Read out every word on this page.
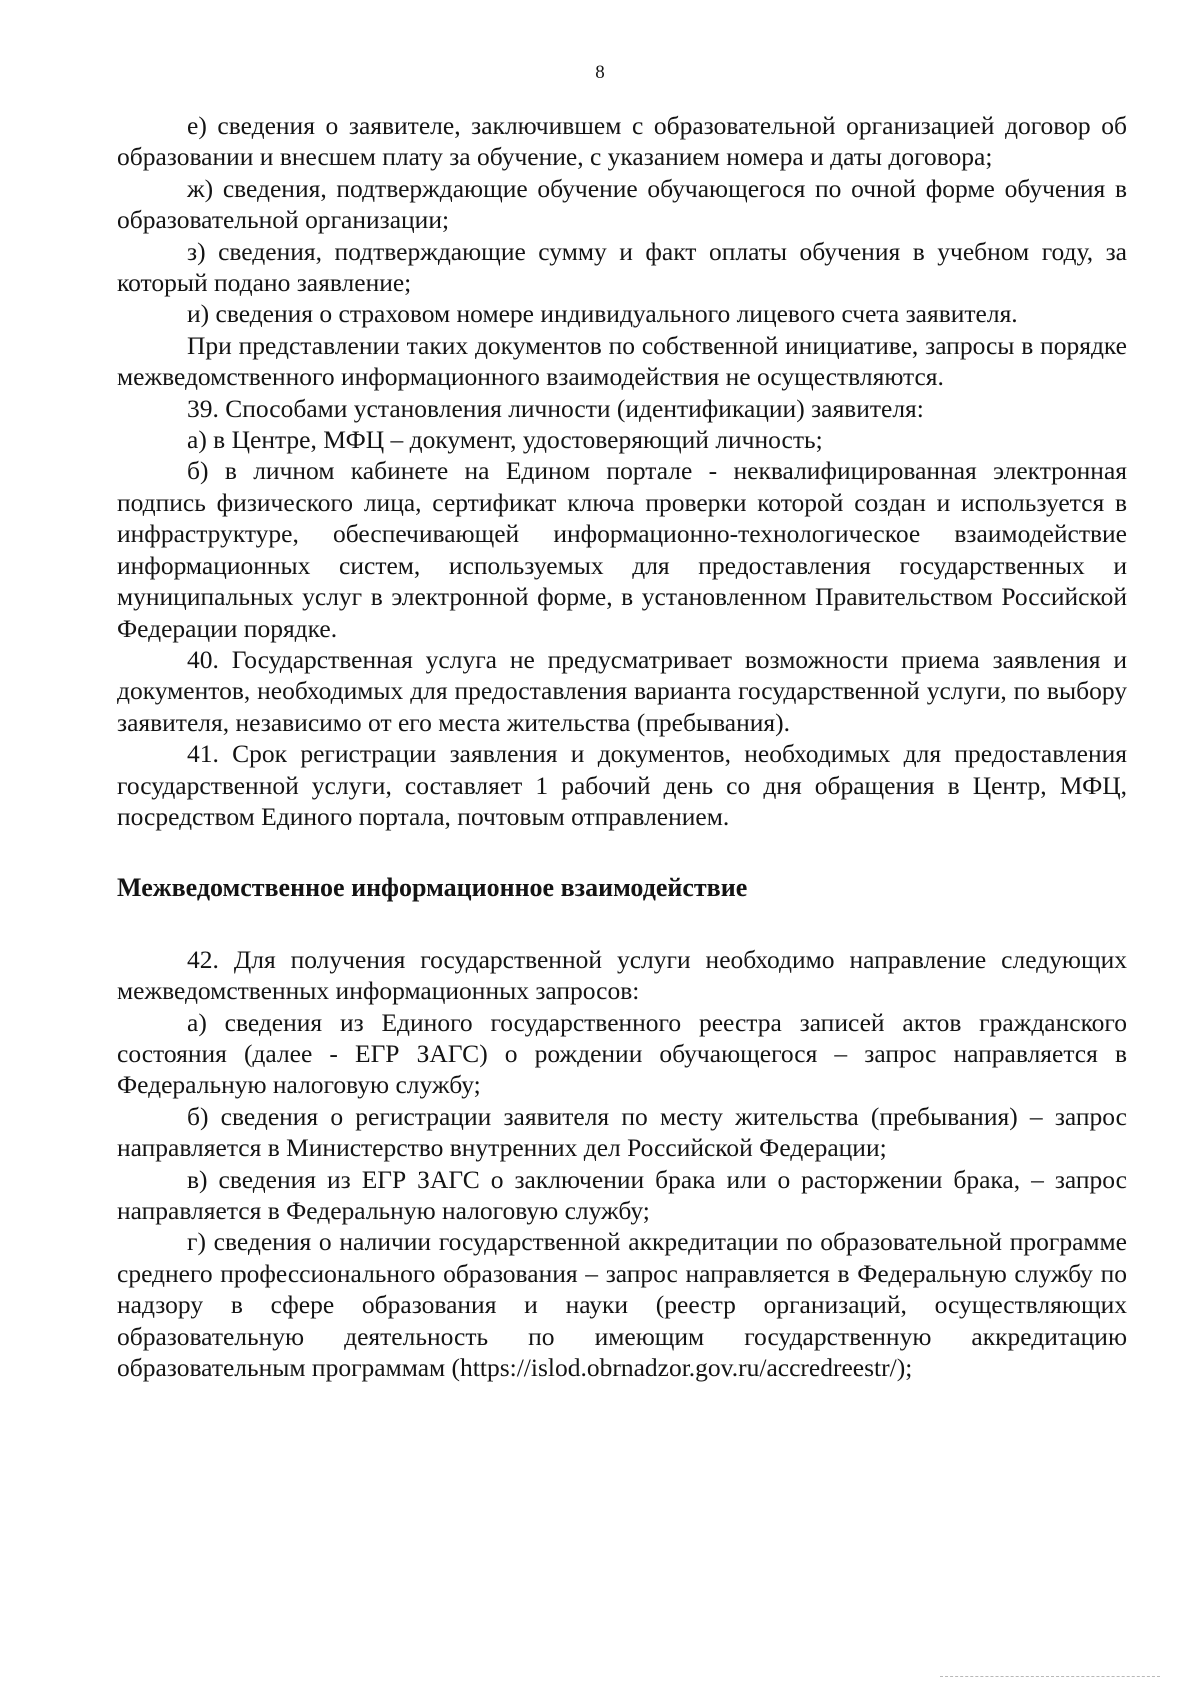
8

е) сведения о заявителе, заключившем с образовательной организацией договор об образовании и внесшем плату за обучение, с указанием номера и даты договора;

ж) сведения, подтверждающие обучение обучающегося по очной форме обучения в образовательной организации;

з) сведения, подтверждающие сумму и факт оплаты обучения в учебном году, за который подано заявление;

и) сведения о страховом номере индивидуального лицевого счета заявителя.

При представлении таких документов по собственной инициативе, запросы в порядке межведомственного информационного взаимодействия не осуществляются.

39. Способами установления личности (идентификации) заявителя:

а) в Центре, МФЦ – документ, удостоверяющий личность;

б) в личном кабинете на Едином портале - неквалифицированная электронная подпись физического лица, сертификат ключа проверки которой создан и используется в инфраструктуре, обеспечивающей информационно-технологическое взаимодействие информационных систем, используемых для предоставления государственных и муниципальных услуг в электронной форме, в установленном Правительством Российской Федерации порядке.

40. Государственная услуга не предусматривает возможности приема заявления и документов, необходимых для предоставления варианта государственной услуги, по выбору заявителя, независимо от его места жительства (пребывания).

41. Срок регистрации заявления и документов, необходимых для предоставления государственной услуги, составляет 1 рабочий день со дня обращения в Центр, МФЦ, посредством Единого портала, почтовым отправлением.

Межведомственное информационное взаимодействие

42. Для получения государственной услуги необходимо направление следующих межведомственных информационных запросов:

а) сведения из Единого государственного реестра записей актов гражданского состояния (далее - ЕГР ЗАГС) о рождении обучающегося – запрос направляется в Федеральную налоговую службу;

б) сведения о регистрации заявителя по месту жительства (пребывания) – запрос направляется в Министерство внутренних дел Российской Федерации;

в) сведения из ЕГР ЗАГС о заключении брака или о расторжении брака, – запрос направляется в Федеральную налоговую службу;

г) сведения о наличии государственной аккредитации по образовательной программе среднего профессионального образования – запрос направляется в Федеральную службу по надзору в сфере образования и науки (реестр организаций, осуществляющих образовательную деятельность по имеющим государственную аккредитацию образовательным программам (https://islod.obrnadzor.gov.ru/accredreestr/);
